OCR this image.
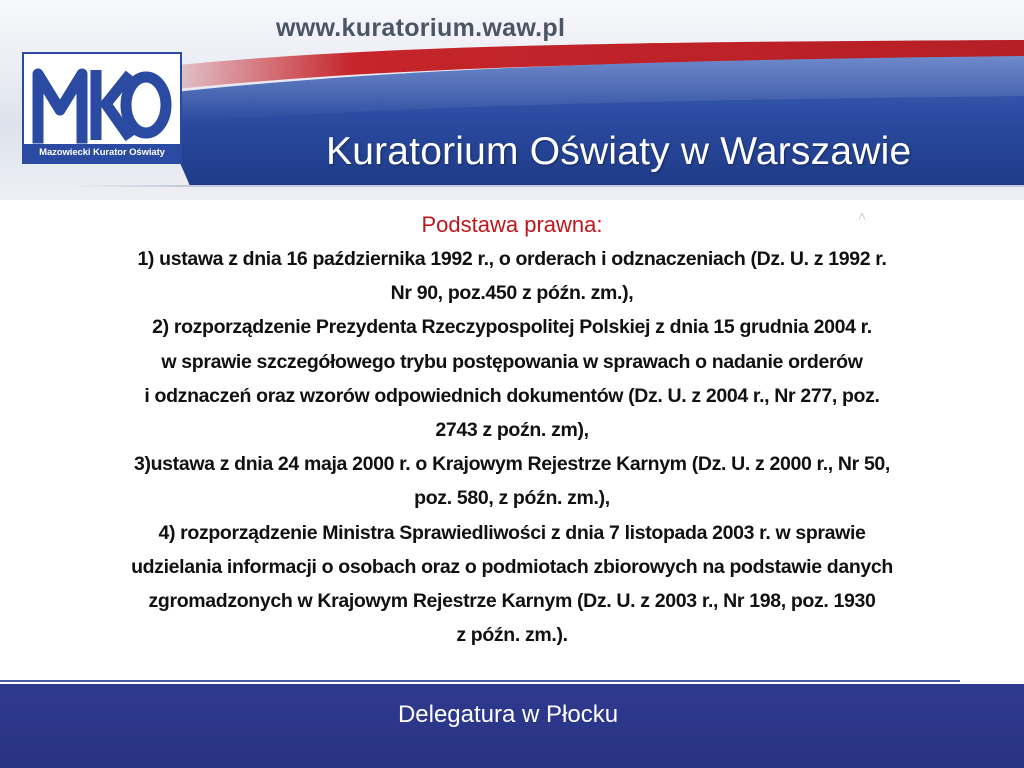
www.kuratorium.waw.pl
Mazowiecki Kurator Oświaty	Kuratorium Oświaty w Warszawie
˄
Podstawa prawna:

1) ustawa z dnia 16 października 1992 r., o orderach i odznaczeniach (Dz. U. z 1992 r.

Nr 90, poz.450 z późn. zm.),

2) rozporządzenie Prezydenta Rzeczypospolitej Polskiej z dnia 15 grudnia 2004 r.

w sprawie szczegółowego trybu postępowania w sprawach o nadanie orderów

i odznaczeń oraz wzorów odpowiednich dokumentów (Dz. U. z 2004 r., Nr 277, poz.

2743 z poźn. zm),

3)ustawa z dnia 24 maja 2000 r. o Krajowym Rejestrze Karnym (Dz. U. z 2000 r., Nr 50,

poz. 580, z późn. zm.),

4) rozporządzenie Ministra Sprawiedliwości z dnia 7 listopada 2003 r. w sprawie

udzielania informacji o osobach oraz o podmiotach zbiorowych na podstawie danych

zgromadzonych w Krajowym Rejestrze Karnym (Dz. U. z 2003 r., Nr 198, poz. 1930

z późn. zm.).

Delegatura w Płocku
